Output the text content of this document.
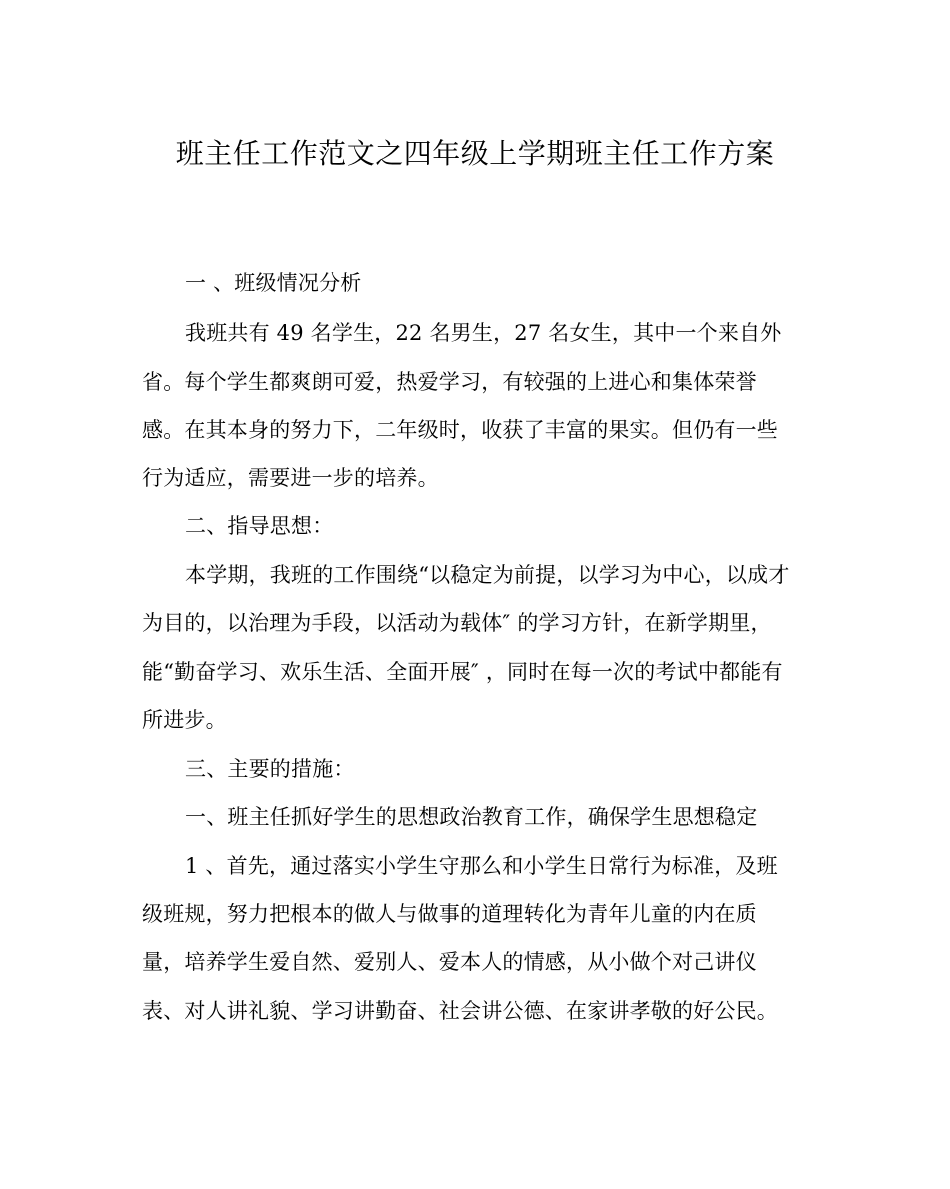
班主任工作范文之四年级上学期班主任工作方案
一 、班级情况分析
我班共有 49 名学生，22 名男生，27 名女生，其中一个来自外
省。每个学生都爽朗可爱，热爱学习，有较强的上进心和集体荣誉
感。在其本身的努力下，二年级时，收获了丰富的果实。但仍有一些
行为适应，需要进一步的培养。
二、指导思想：
本学期，我班的工作围绕“以稳定为前提，以学习为中心，以成才
为目的，以治理为手段，以活动为载体″ 的学习方针，在新学期里，
能“勤奋学习、欢乐生活、全面开展″ ，同时在每一次的考试中都能有
所进步。
三、主要的措施：
一、班主任抓好学生的思想政治教育工作，确保学生思想稳定
1 、首先，通过落实小学生守那么和小学生日常行为标准，及班
级班规，努力把根本的做人与做事的道理转化为青年儿童的内在质
量，培养学生爱自然、爱别人、爱本人的情感，从小做个对己讲仪
表、对人讲礼貌、学习讲勤奋、社会讲公德、在家讲孝敬的好公民。
